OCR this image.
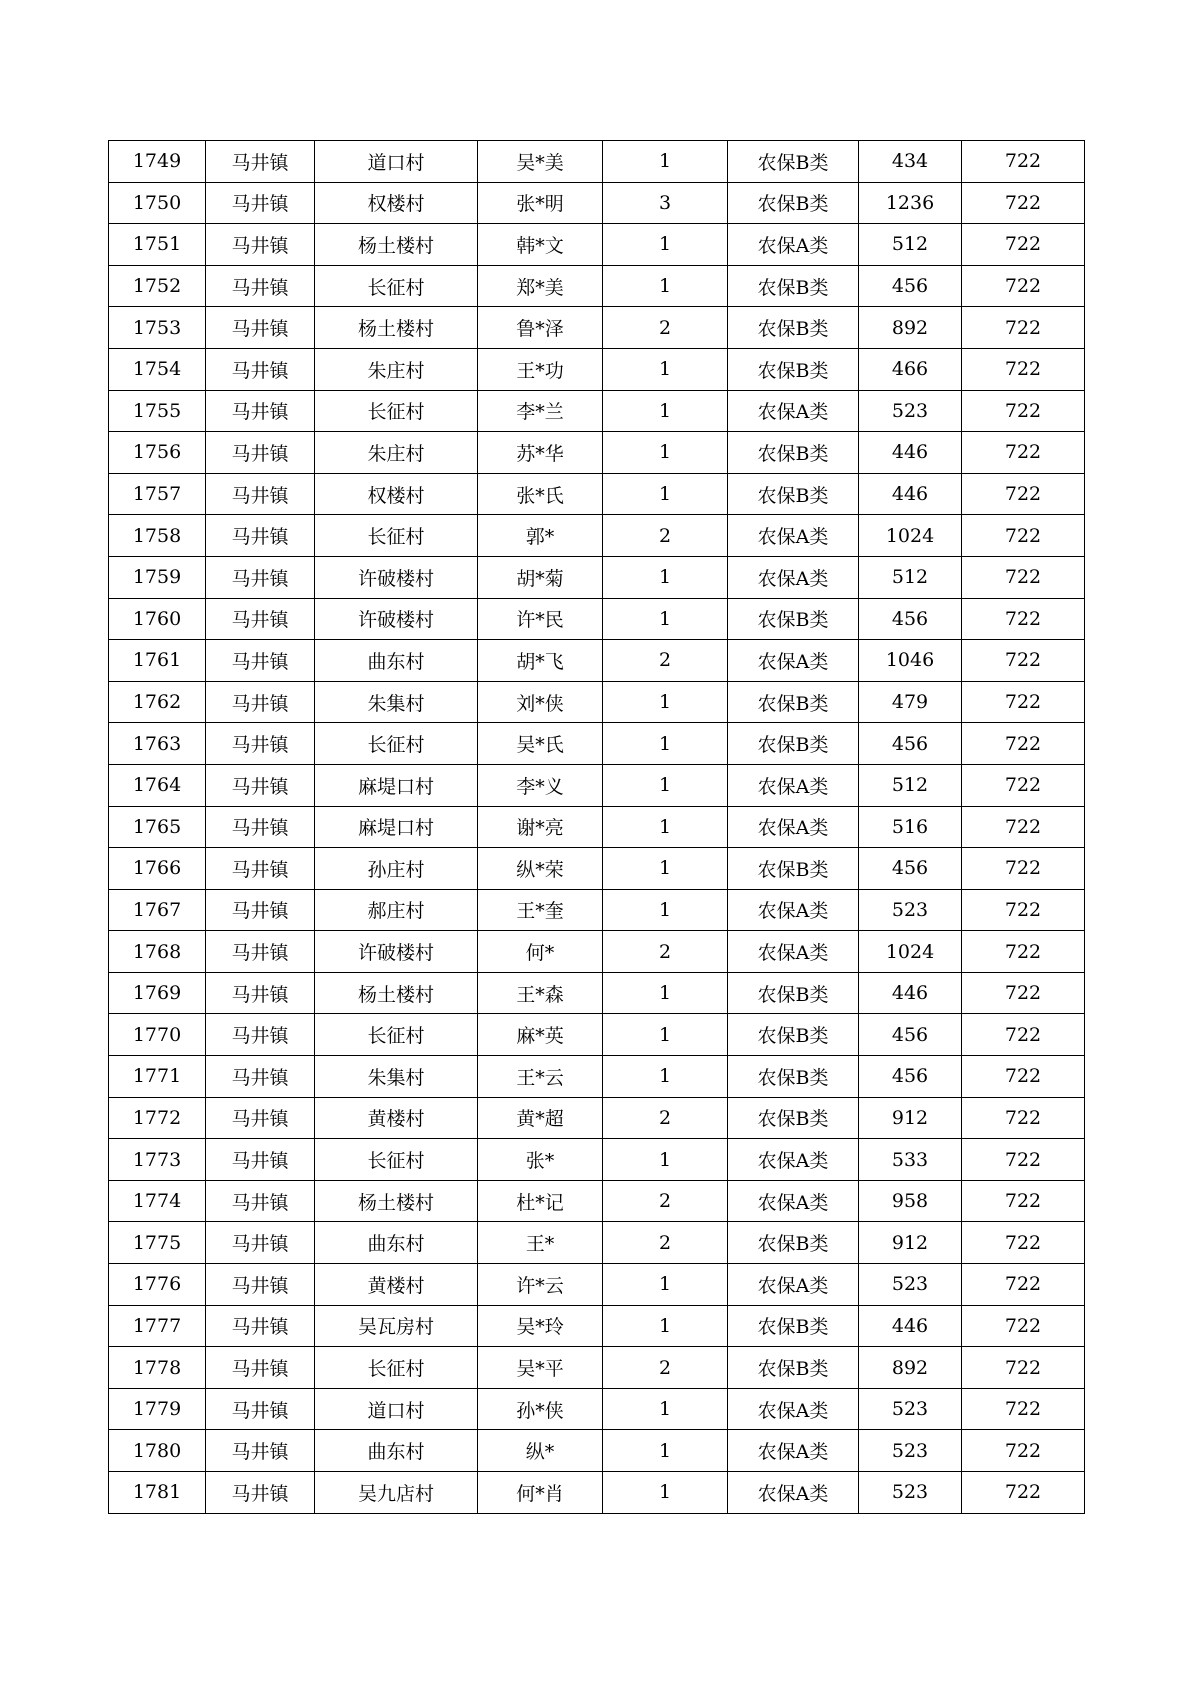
1749	马井镇	道口村	吴*美	1	农保B类	434	722
1750	马井镇	权楼村	张*明	3	农保B类	1236	722
1751	马井镇	杨土楼村	韩*文	1	农保A类	512	722
1752	马井镇	长征村	郑*美	1	农保B类	456	722
1753	马井镇	杨土楼村	鲁*泽	2	农保B类	892	722
1754	马井镇	朱庄村	王*功	1	农保B类	466	722
1755	马井镇	长征村	李*兰	1	农保A类	523	722
1756	马井镇	朱庄村	苏*华	1	农保B类	446	722
1757	马井镇	权楼村	张*氏	1	农保B类	446	722
1758	马井镇	长征村	郭*	2	农保A类	1024	722
1759	马井镇	许破楼村	胡*菊	1	农保A类	512	722
1760	马井镇	许破楼村	许*民	1	农保B类	456	722
1761	马井镇	曲东村	胡*飞	2	农保A类	1046	722
1762	马井镇	朱集村	刘*侠	1	农保B类	479	722
1763	马井镇	长征村	吴*氏	1	农保B类	456	722
1764	马井镇	麻堤口村	李*义	1	农保A类	512	722
1765	马井镇	麻堤口村	谢*亮	1	农保A类	516	722
1766	马井镇	孙庄村	纵*荣	1	农保B类	456	722
1767	马井镇	郝庄村	王*奎	1	农保A类	523	722
1768	马井镇	许破楼村	何*	2	农保A类	1024	722
1769	马井镇	杨土楼村	王*森	1	农保B类	446	722
1770	马井镇	长征村	麻*英	1	农保B类	456	722
1771	马井镇	朱集村	王*云	1	农保B类	456	722
1772	马井镇	黄楼村	黄*超	2	农保B类	912	722
1773	马井镇	长征村	张*	1	农保A类	533	722
1774	马井镇	杨土楼村	杜*记	2	农保A类	958	722
1775	马井镇	曲东村	王*	2	农保B类	912	722
1776	马井镇	黄楼村	许*云	1	农保A类	523	722
1777	马井镇	吴瓦房村	吴*玲	1	农保B类	446	722
1778	马井镇	长征村	吴*平	2	农保B类	892	722
1779	马井镇	道口村	孙*侠	1	农保A类	523	722
1780	马井镇	曲东村	纵*	1	农保A类	523	722
1781	马井镇	吴九店村	何*肖	1	农保A类	523	722
